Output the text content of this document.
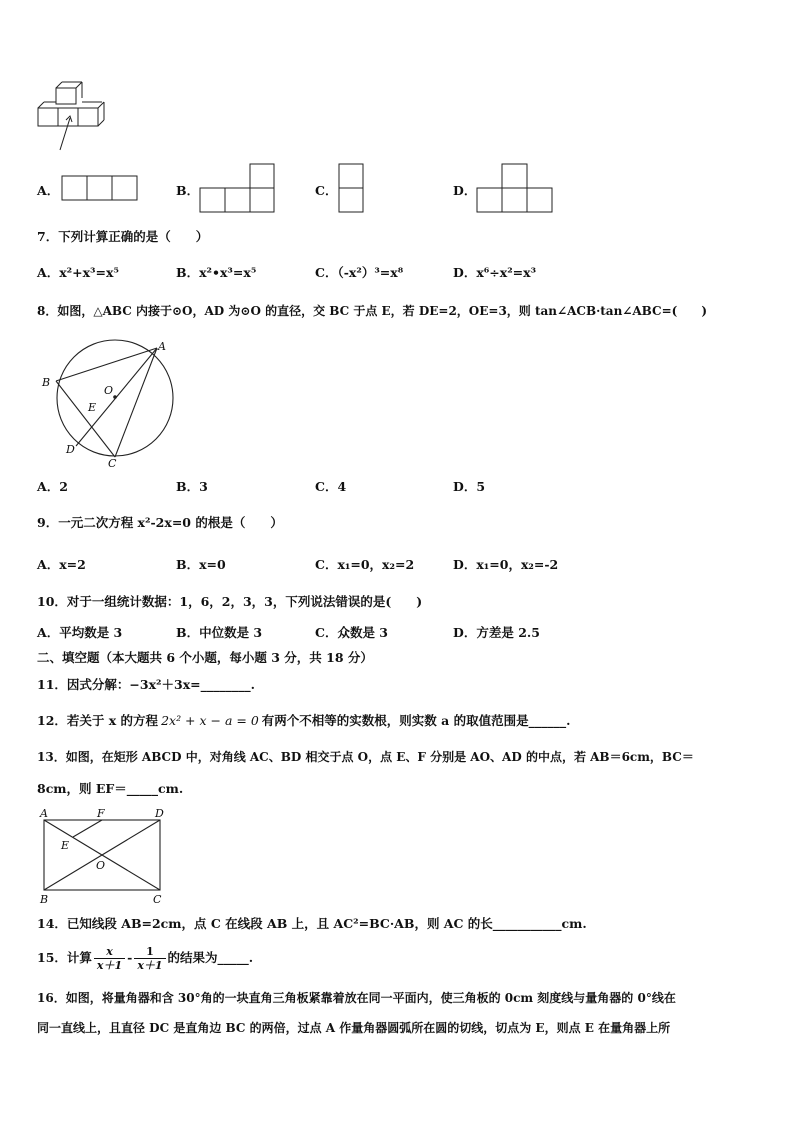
A．	B．	C．	D．
7．下列计算正确的是（　　）
A．x²+x³=x⁵	B．x²•x³=x⁵	C．（-x²）³=x⁸	D．x⁶÷x²=x³
8．如图，△ABC 内接于⊙O，AD 为⊙O 的直径，交 BC 于点 E，若 DE=2，OE=3，则 tan∠ACB·tan∠ABC=(　　)
A
B
O
E
D
C
A．2	B．3	C．4	D．5
9．一元二次方程 x²-2x=0 的根是（　　）
A．x=2	B．x=0	C．x₁=0，x₂=2	D．x₁=0，x₂=-2
10．对于一组统计数据：1，6，2，3，3，下列说法错误的是(　　)
A．平均数是 3	B．中位数是 3	C．众数是 3	D．方差是 2.5
二、填空题（本大题共 6 个小题，每小题 3 分，共 18 分）
11．因式分解：−3x²＋3x=________.
12．若关于 x 的方程 2x² + x − a = 0 有两个不相等的实数根，则实数 a 的取值范围是______.
13．如图，在矩形 ABCD 中，对角线 AC、BD 相交于点 O，点 E、F 分别是 AO、AD 的中点，若 AB＝6cm，BC＝
8cm，则 EF＝_____cm.
A	F	D
E
O
B	C
14．已知线段 AB=2cm，点 C 在线段 AB 上，且 AC²=BC·AB，则 AC 的长___________cm.
15．计算 $\frac{x}{x+1} - \frac{1}{x+1}$ 的结果为_____.
16．如图，将量角器和含 30°角的一块直角三角板紧靠着放在同一平面内，使三角板的 0cm 刻度线与量角器的 0°线在
同一直线上，且直径 DC 是直角边 BC 的两倍，过点 A 作量角器圆弧所在圆的切线，切点为 E，则点 E 在量角器上所
